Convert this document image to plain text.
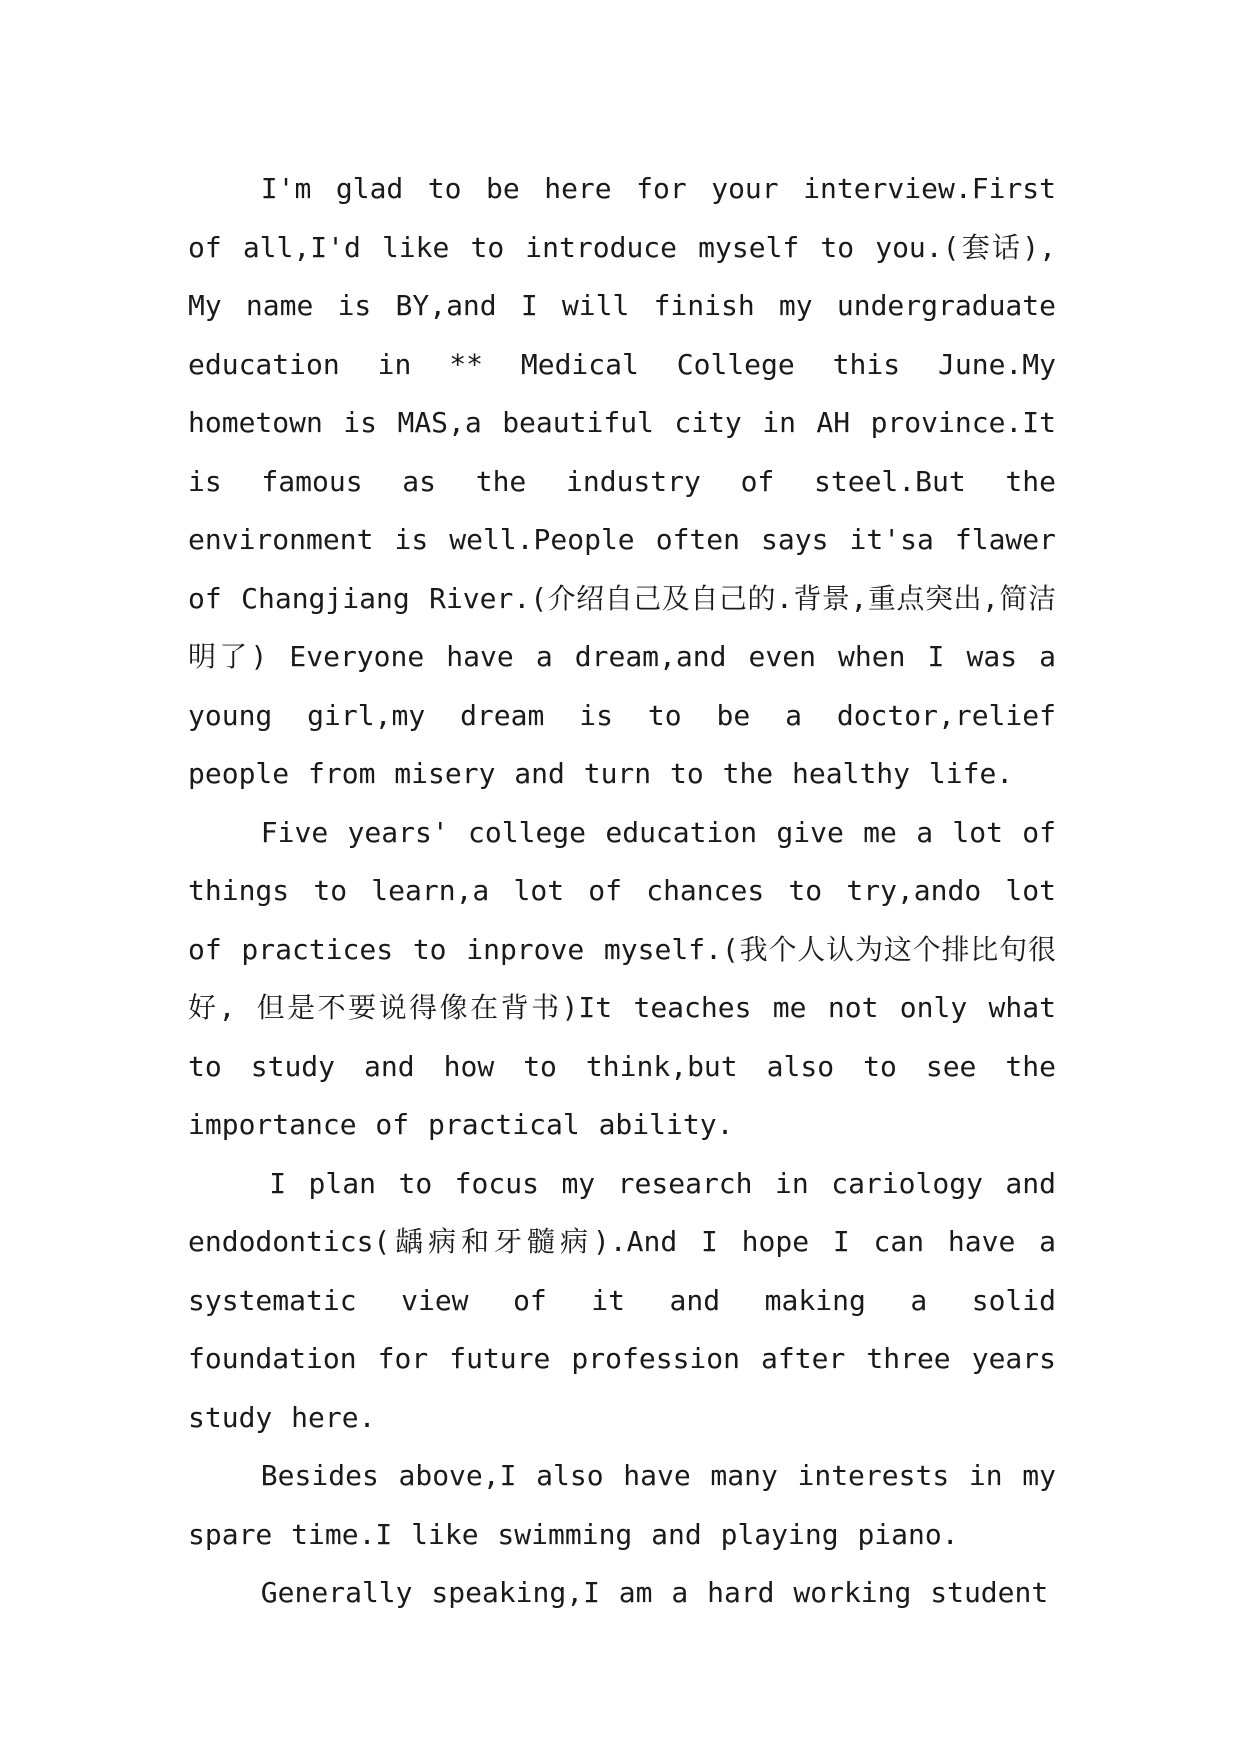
I'm glad to be here for your interview.First of all,I'd like to introduce myself to you.(套话), My name is BY,and I will finish my undergraduate education in ** Medical College this June.My hometown is MAS,a beautiful city in AH province.It is famous as the industry of steel.But the environment is well.People often says it'sa flawer of Changjiang River.(介绍自己及自己的.背景,重点突出,简洁明了) Everyone have a dream,and even when I was a young girl,my dream is to be a doctor,relief people from misery and turn to the healthy life.

Five years' college education give me a lot of things to learn,a lot of chances to try,ando lot of practices to inprove myself.(我个人认为这个排比句很好, 但是不要说得像在背书)It teaches me not only what to study and how to think,but also to see the importance of practical ability.

I plan to focus my research in cariology and endodontics(龋病和牙髓病).And I hope I can have a systematic view of it and making a solid foundation for future profession after three years study here.

Besides above,I also have many interests in my spare time.I like swimming and playing piano.

Generally speaking,I am a hard working student
